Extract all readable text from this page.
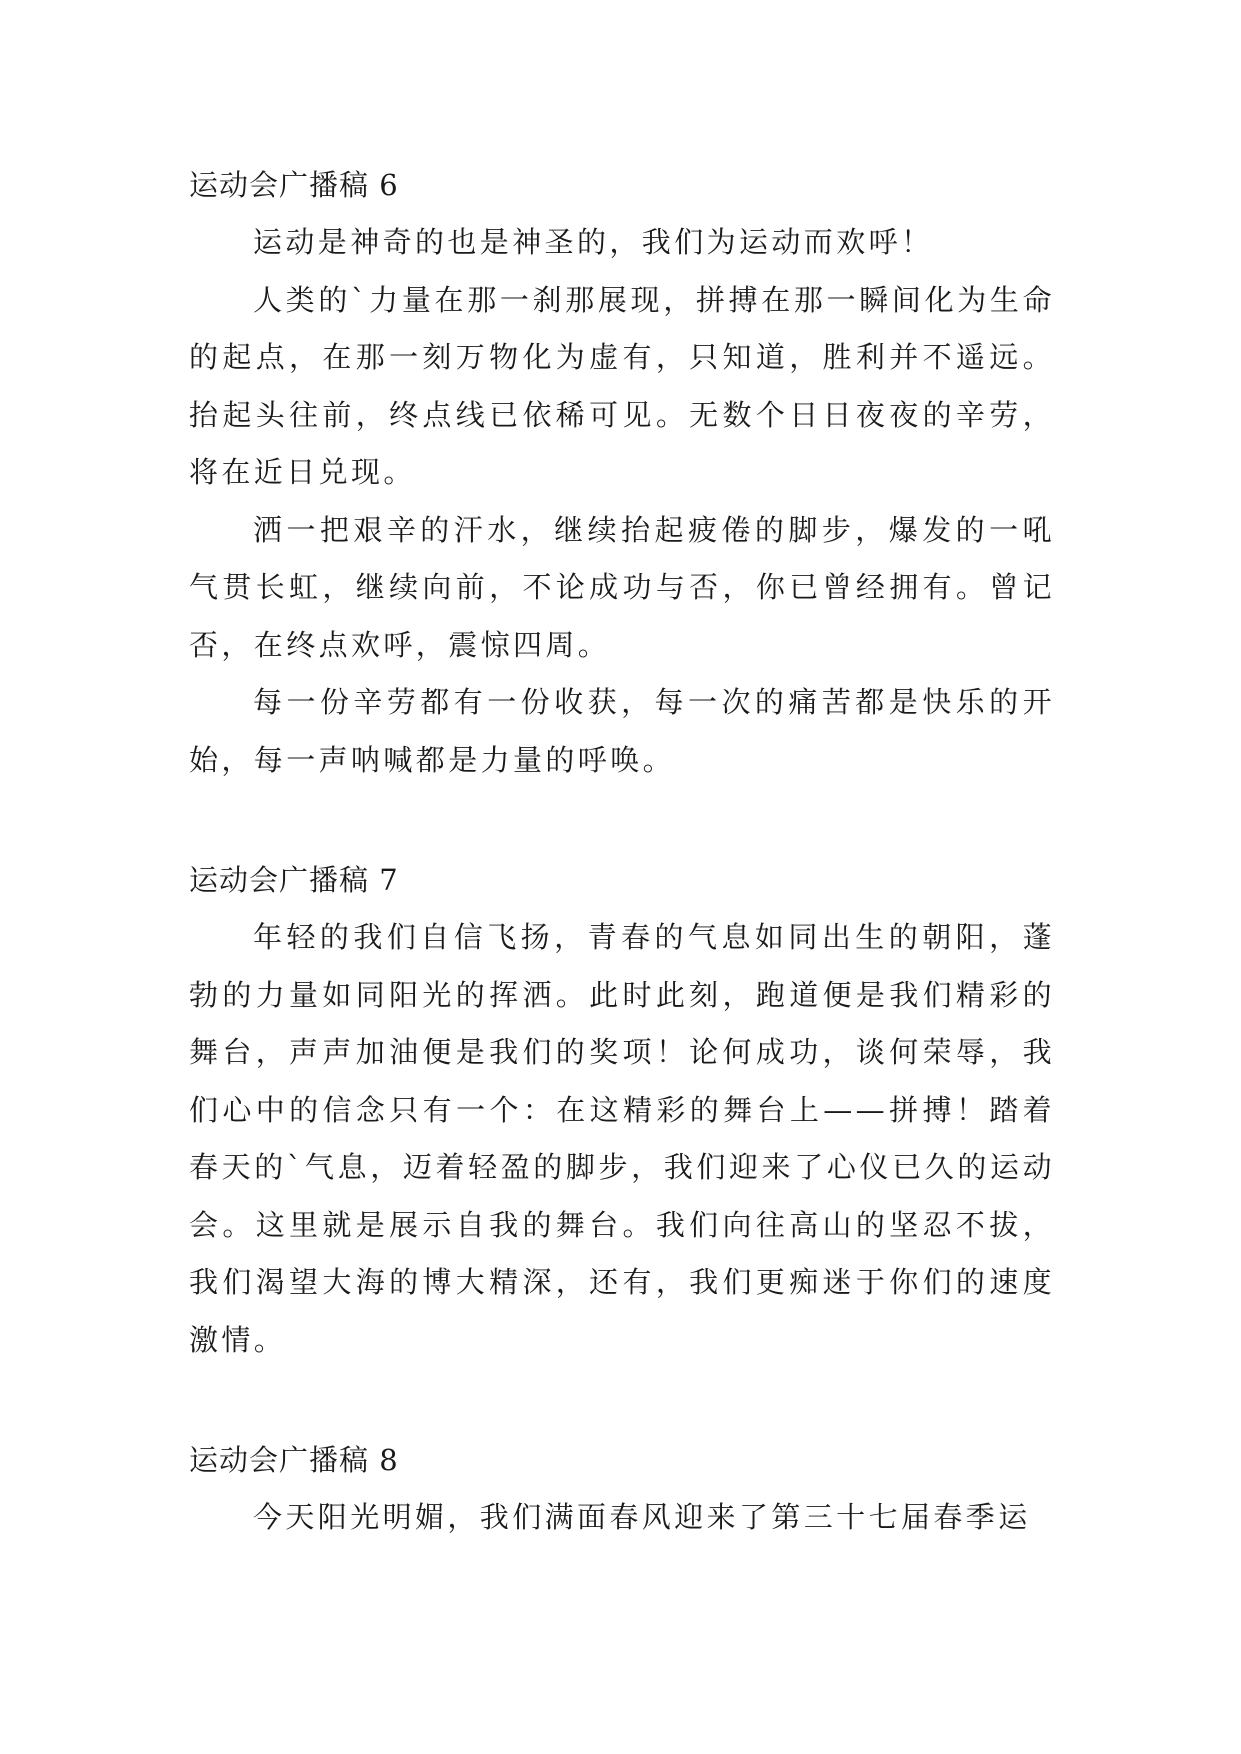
运动会广播稿 6

运动是神奇的也是神圣的，我们为运动而欢呼！

人类的`力量在那一刹那展现，拼搏在那一瞬间化为生命的起点，在那一刻万物化为虚有，只知道，胜利并不遥远。抬起头往前，终点线已依稀可见。无数个日日夜夜的辛劳，将在近日兑现。

洒一把艰辛的汗水，继续抬起疲倦的脚步，爆发的一吼气贯长虹，继续向前，不论成功与否，你已曾经拥有。曾记否，在终点欢呼，震惊四周。

每一份辛劳都有一份收获，每一次的痛苦都是快乐的开始，每一声呐喊都是力量的呼唤。

运动会广播稿 7

年轻的我们自信飞扬，青春的气息如同出生的朝阳，蓬勃的力量如同阳光的挥洒。此时此刻，跑道便是我们精彩的舞台，声声加油便是我们的奖项！论何成功，谈何荣辱，我们心中的信念只有一个：在这精彩的舞台上——拼搏！踏着春天的`气息，迈着轻盈的脚步，我们迎来了心仪已久的运动会。这里就是展示自我的舞台。我们向往高山的坚忍不拔，我们渴望大海的博大精深，还有，我们更痴迷于你们的速度激情。

运动会广播稿 8

今天阳光明媚，我们满面春风迎来了第三十七届春季运
